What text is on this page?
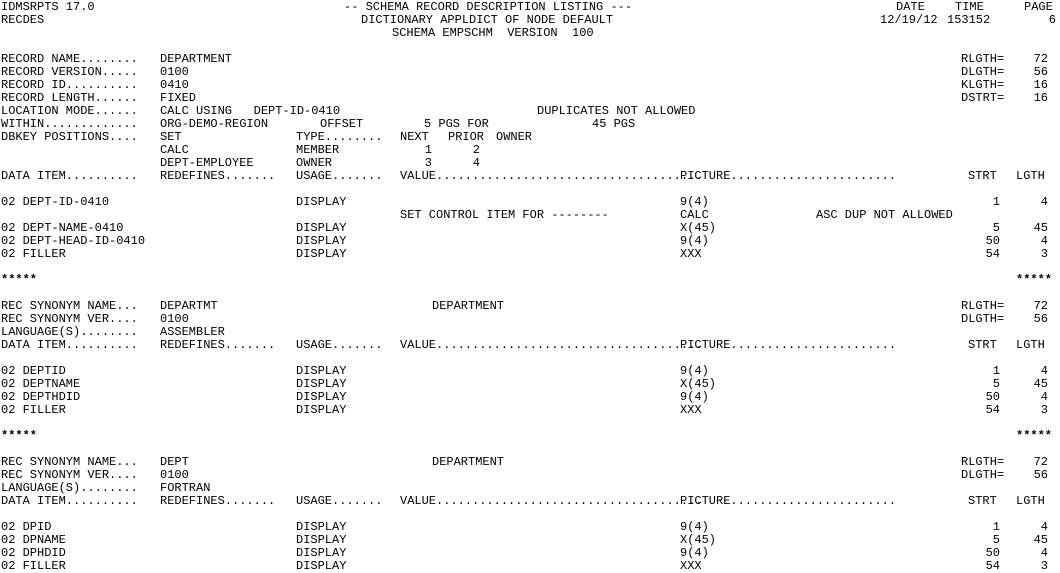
IDMSRPTS 17.0
RECDES
-- SCHEMA RECORD DESCRIPTION LISTING ---
DICTIONARY APPLDICT OF NODE DEFAULT
SCHEMA EMPSCHM  VERSION  100
DATE	TIME	PAGE
12/19/12 153152	6
RECORD NAME........ DEPARTMENT
RECORD VERSION..... 0100
RECORD ID.......... 0410
RECORD LENGTH...... FIXED
LOCATION MODE...... CALC USING   DEPT-ID-0410	DUPLICATES NOT ALLOWED
WITHIN............. ORG-DEMO-REGION	OFFSET	5 PGS FOR	45 PGS
DBKEY POSITIONS.... SET	TYPE........ NEXT PRIOR OWNER
CALC	MEMBER	1	2
DEPT-EMPLOYEE	OWNER	3	4
RLGTH=	72
DLGTH=	56
KLGTH=	16
DSTRT=	16
DATA ITEM.......... REDEFINES....... USAGE....... VALUE.....................................
PICTURE.......................	STRT LGTH
02 DEPT-ID-0410	DISPLAY	9(4)	1	4
SET CONTROL ITEM FOR --------	CALC	ASC DUP NOT ALLOWED
02 DEPT-NAME-0410	DISPLAY	X(45)	5	45
02 DEPT-HEAD-ID-0410	DISPLAY	9(4)	50	4
02 FILLER	DISPLAY	XXX	54	3
*****	*****
REC SYNONYM NAME... DEPARTMT	DEPARTMENT
REC SYNONYM VER.... 0100
LANGUAGE(S)........ ASSEMBLER
RLGTH=	72
DLGTH=	56
DATA ITEM.......... REDEFINES....... USAGE....... VALUE.....................................
PICTURE.......................	STRT LGTH
02 DEPTID	DISPLAY	9(4)	1	4
02 DEPTNAME	DISPLAY	X(45)	5	45
02 DEPTHDID	DISPLAY	9(4)	50	4
02 FILLER	DISPLAY	XXX	54	3
*****	*****
REC SYNONYM NAME... DEPT	DEPARTMENT
REC SYNONYM VER.... 0100
LANGUAGE(S)........ FORTRAN
RLGTH=	72
DLGTH=	56
DATA ITEM.......... REDEFINES....... USAGE....... VALUE.....................................
PICTURE.......................	STRT LGTH
02 DPID	DISPLAY	9(4)	1	4
02 DPNAME	DISPLAY	X(45)	5	45
02 DPHDID	DISPLAY	9(4)	50	4
02 FILLER	DISPLAY	XXX	54	3
